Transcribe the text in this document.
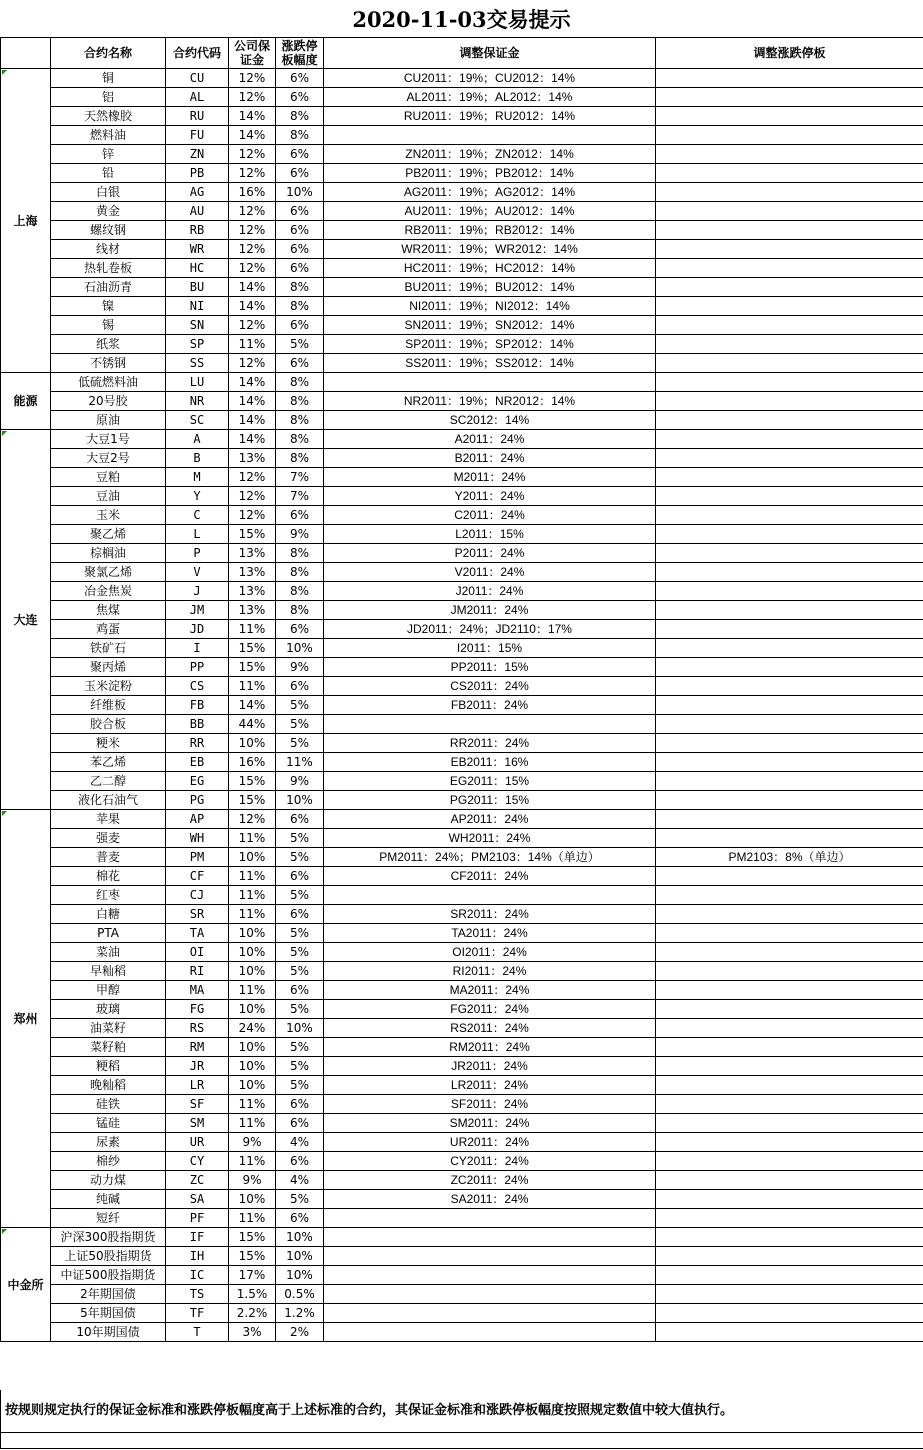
2020-11-03交易提示
	合约名称	合约代码	公司保证金	涨跌停板幅度	调整保证金	调整涨跌停板
上海	铜	CU	12%	6%	CU2011：19%；CU2012：14%	
	铝	AL	12%	6%	AL2011：19%；AL2012：14%	
	天然橡胶	RU	14%	8%	RU2011：19%；RU2012：14%	
	燃料油	FU	14%	8%		
	锌	ZN	12%	6%	ZN2011：19%；ZN2012：14%	
	铅	PB	12%	6%	PB2011：19%；PB2012：14%	
	白银	AG	16%	10%	AG2011：19%；AG2012：14%	
	黄金	AU	12%	6%	AU2011：19%；AU2012：14%	
	螺纹钢	RB	12%	6%	RB2011：19%；RB2012：14%	
	线材	WR	12%	6%	WR2011：19%；WR2012：14%	
	热轧卷板	HC	12%	6%	HC2011：19%；HC2012：14%	
	石油沥青	BU	14%	8%	BU2011：19%；BU2012：14%	
	镍	NI	14%	8%	NI2011：19%；NI2012：14%	
	锡	SN	12%	6%	SN2011：19%；SN2012：14%	
	纸浆	SP	11%	5%	SP2011：19%；SP2012：14%	
	不锈钢	SS	12%	6%	SS2011：19%；SS2012：14%	
能源	低硫燃料油	LU	14%	8%		
	20号胶	NR	14%	8%	NR2011：19%；NR2012：14%	
	原油	SC	14%	8%	SC2012：14%	
大连	大豆1号	A	14%	8%	A2011：24%	
	大豆2号	B	13%	8%	B2011：24%	
	豆粕	M	12%	7%	M2011：24%	
	豆油	Y	12%	7%	Y2011：24%	
	玉米	C	12%	6%	C2011：24%	
	聚乙烯	L	15%	9%	L2011：15%	
	棕榈油	P	13%	8%	P2011：24%	
	聚氯乙烯	V	13%	8%	V2011：24%	
	冶金焦炭	J	13%	8%	J2011：24%	
	焦煤	JM	13%	8%	JM2011：24%	
	鸡蛋	JD	11%	6%	JD2011：24%；JD2110：17%	
	铁矿石	I	15%	10%	I2011：15%	
	聚丙烯	PP	15%	9%	PP2011：15%	
	玉米淀粉	CS	11%	6%	CS2011：24%	
	纤维板	FB	14%	5%	FB2011：24%	
	胶合板	BB	44%	5%		
	粳米	RR	10%	5%	RR2011：24%	
	苯乙烯	EB	16%	11%	EB2011：16%	
	乙二醇	EG	15%	9%	EG2011：15%	
	液化石油气	PG	15%	10%	PG2011：15%	
郑州	苹果	AP	12%	6%	AP2011：24%	
	强麦	WH	11%	5%	WH2011：24%	
	普麦	PM	10%	5%	PM2011：24%；PM2103：14%（单边）	PM2103：8%（单边）
	棉花	CF	11%	6%	CF2011：24%	
	红枣	CJ	11%	5%		
	白糖	SR	11%	6%	SR2011：24%	
	PTA	TA	10%	5%	TA2011：24%	
	菜油	OI	10%	5%	OI2011：24%	
	早籼稻	RI	10%	5%	RI2011：24%	
	甲醇	MA	11%	6%	MA2011：24%	
	玻璃	FG	10%	5%	FG2011：24%	
	油菜籽	RS	24%	10%	RS2011：24%	
	菜籽粕	RM	10%	5%	RM2011：24%	
	粳稻	JR	10%	5%	JR2011：24%	
	晚籼稻	LR	10%	5%	LR2011：24%	
	硅铁	SF	11%	6%	SF2011：24%	
	锰硅	SM	11%	6%	SM2011：24%	
	尿素	UR	9%	4%	UR2011：24%	
	棉纱	CY	11%	6%	CY2011：24%	
	动力煤	ZC	9%	4%	ZC2011：24%	
	纯碱	SA	10%	5%	SA2011：24%	
	短纤	PF	11%	6%		
中金所	沪深300股指期货	IF	15%	10%		
	上证50股指期货	IH	15%	10%		
	中证500股指期货	IC	17%	10%		
	2年期国债	TS	1.5%	0.5%		
	5年期国债	TF	2.2%	1.2%		
	10年期国债	T	3%	2%		
按规则规定执行的保证金标准和涨跌停板幅度高于上述标准的合约，其保证金标准和涨跌停板幅度按照规定数值中较大值执行。
